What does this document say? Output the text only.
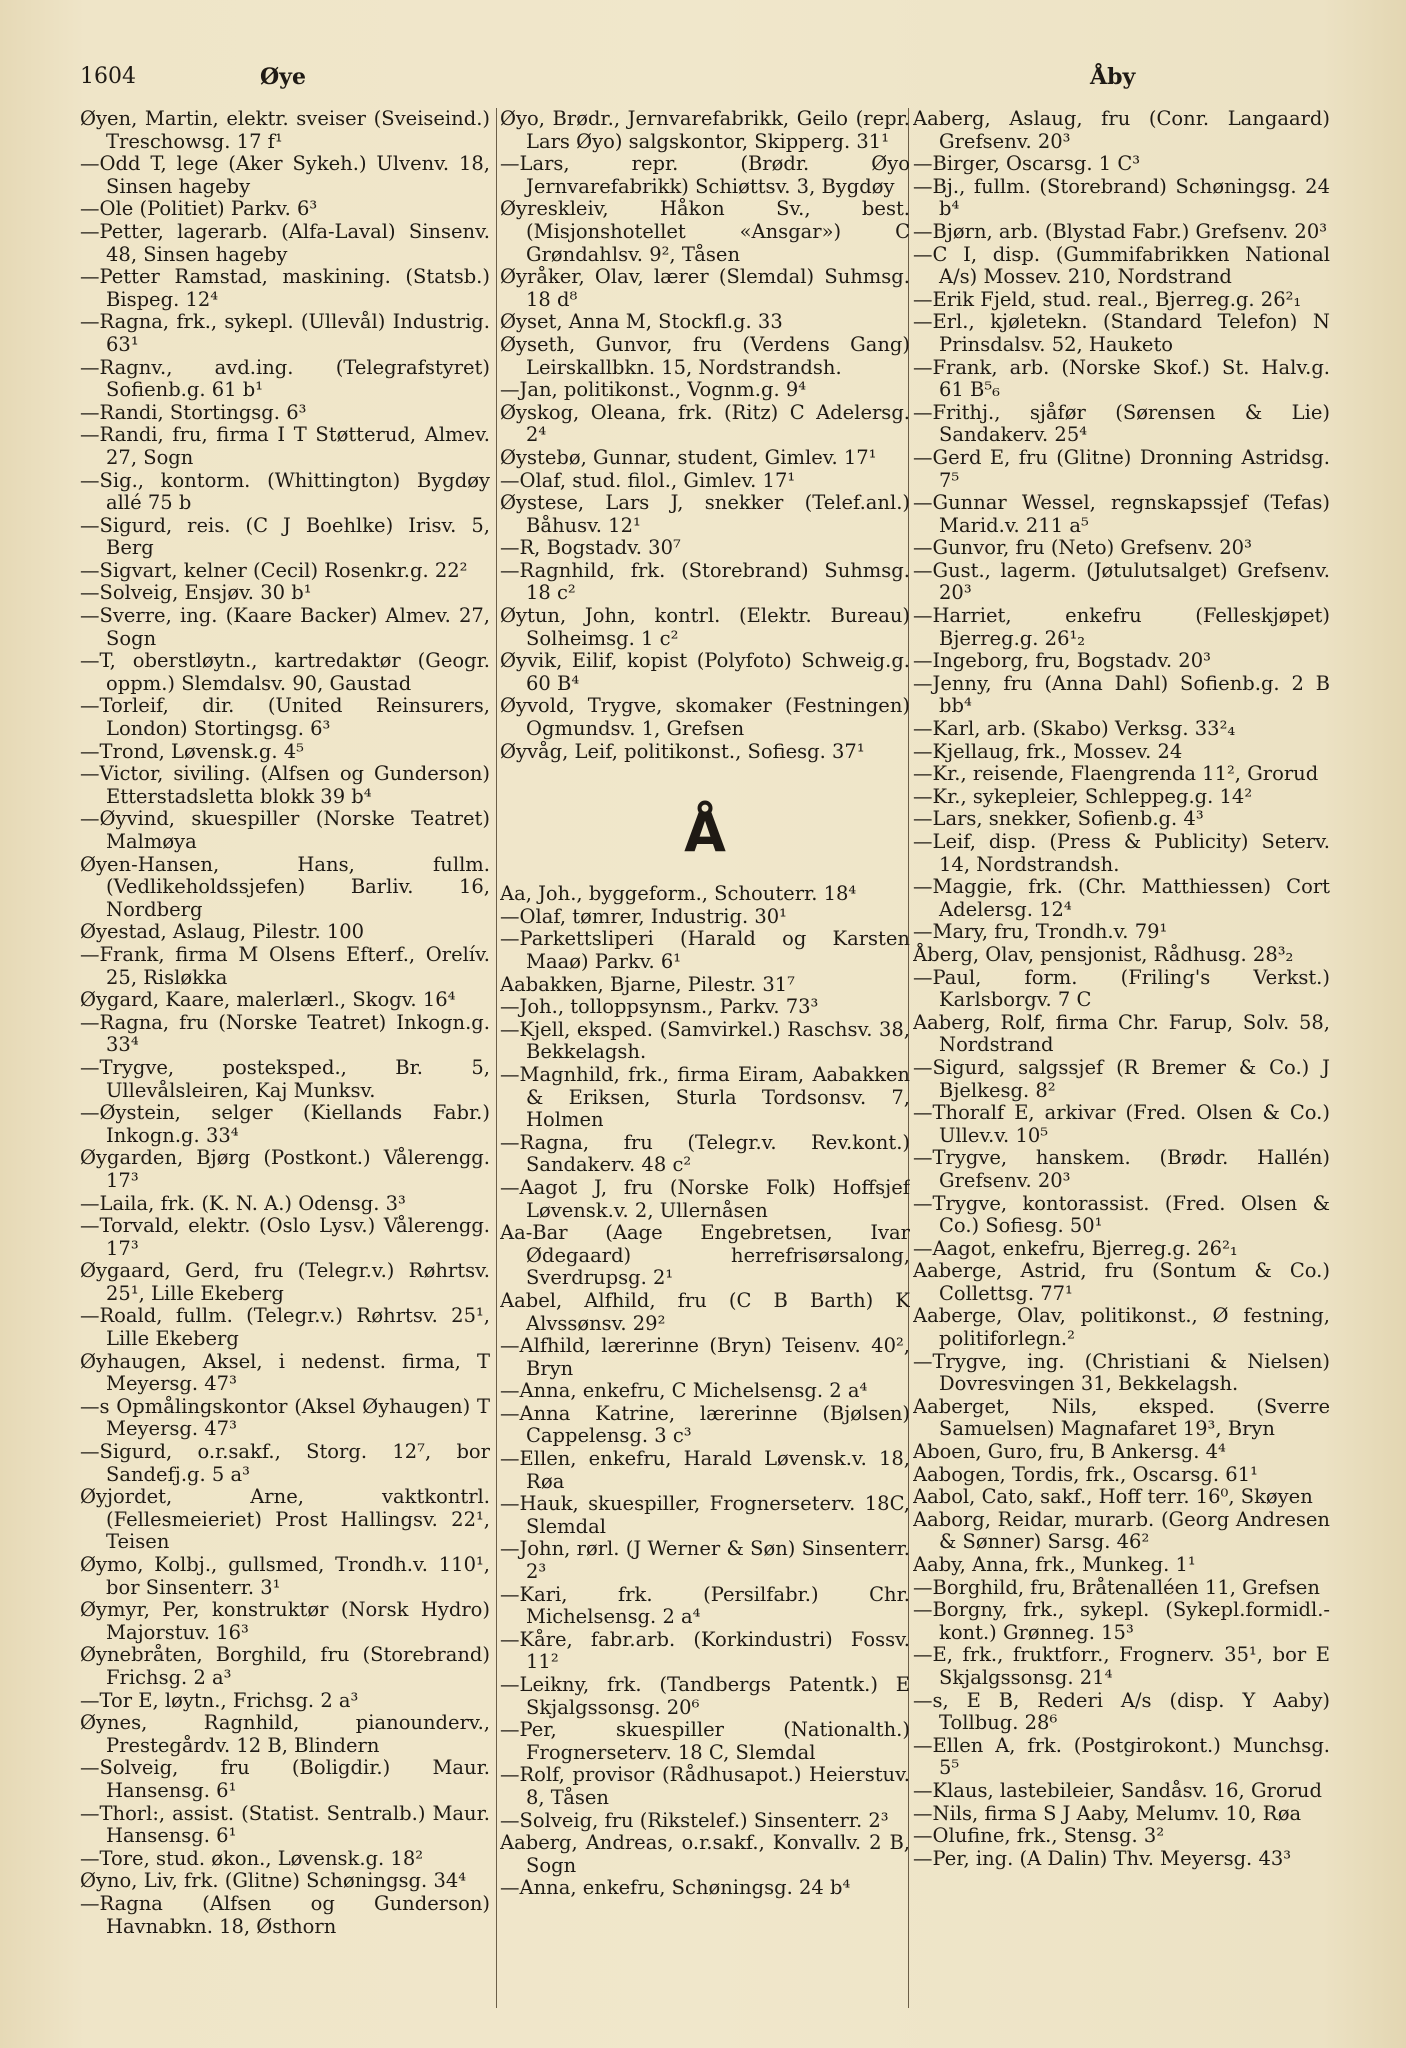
1604	Øye	Åby
Øyen, Martin, elektr. sveiser (Sveiseind.) Treschowsg. 17 f¹
—Odd T, lege (Aker Sykeh.) Ulvenv. 18, Sinsen hageby
—Ole (Politiet) Parkv. 6³
—Petter, lagerarb. (Alfa-Laval) Sinsenv. 48, Sinsen hageby
—Petter Ramstad, maskining. (Statsb.) Bispeg. 12⁴
—Ragna, frk., sykepl. (Ullevål) Industrig. 63¹
—Ragnv., avd.ing. (Telegrafstyret) Sofienb.g. 61 b¹
—Randi, Stortingsg. 6³
—Randi, fru, firma I T Støtterud, Almev. 27, Sogn
—Sig., kontorm. (Whittington) Bygdøy allé 75 b
—Sigurd, reis. (C J Boehlke) Irisv. 5, Berg
—Sigvart, kelner (Cecil) Rosenkr.g. 22²
—Solveig, Ensjøv. 30 b¹
—Sverre, ing. (Kaare Backer) Almev. 27, Sogn
—T, oberstløytn., kartredaktør (Geogr. oppm.) Slemdalsv. 90, Gaustad
—Torleif, dir. (United Reinsurers, London) Stortingsg. 6³
—Trond, Løvensk.g. 4⁵
—Victor, siviling. (Alfsen og Gunderson) Etterstadsletta blokk 39 b⁴
—Øyvind, skuespiller (Norske Teatret) Malmøya
Øyen-Hansen, Hans, fullm. (Vedlikeholdssjefen) Barliv. 16, Nordberg
Øyestad, Aslaug, Pilestr. 100
—Frank, firma M Olsens Efterf., Orelív. 25, Risløkka
Øygard, Kaare, malerlærl., Skogv. 16⁴
—Ragna, fru (Norske Teatret) Inkogn.g. 33⁴
—Trygve, posteksped., Br. 5, Ullevålsleiren, Kaj Munksv.
—Øystein, selger (Kiellands Fabr.) Inkogn.g. 33⁴
Øygarden, Bjørg (Postkont.) Vålerengg. 17³
—Laila, frk. (K. N. A.) Odensg. 3³
—Torvald, elektr. (Oslo Lysv.) Vålerengg. 17³
Øygaard, Gerd, fru (Telegr.v.) Røhrtsv. 25¹, Lille Ekeberg
—Roald, fullm. (Telegr.v.) Røhrtsv. 25¹, Lille Ekeberg
Øyhaugen, Aksel, i nedenst. firma, T Meyersg. 47³
—s Opmålingskontor (Aksel Øyhaugen) T Meyersg. 47³
—Sigurd, o.r.sakf., Storg. 12⁷, bor Sandefj.g. 5 a³
Øyjordet, Arne, vaktkontrl. (Fellesmeieriet) Prost Hallingsv. 22¹, Teisen
Øymo, Kolbj., gullsmed, Trondh.v. 110¹, bor Sinsenterr. 3¹
Øymyr, Per, konstruktør (Norsk Hydro) Majorstuv. 16³
Øynebråten, Borghild, fru (Storebrand) Frichsg. 2 a³
—Tor E, løytn., Frichsg. 2 a³
Øynes, Ragnhild, pianounderv., Prestegårdv. 12 B, Blindern
—Solveig, fru (Boligdir.) Maur. Hansensg. 6¹
—Thorl:, assist. (Statist. Sentralb.) Maur. Hansensg. 6¹
—Tore, stud. økon., Løvensk.g. 18²
Øyno, Liv, frk. (Glitne) Schøningsg. 34⁴
—Ragna (Alfsen og Gunderson) Havnabkn. 18, Østhorn
Øyo, Brødr., Jernvarefabrikk, Geilo (repr. Lars Øyo) salgskontor, Skipperg. 31¹
—Lars, repr. (Brødr. Øyo Jernvarefabrikk) Schiøttsv. 3, Bygdøy
Øyreskleiv, Håkon Sv., best. (Misjonshotellet «Ansgar») C Grøndahlsv. 9², Tåsen
Øyråker, Olav, lærer (Slemdal) Suhmsg. 18 d⁸
Øyset, Anna M, Stockfl.g. 33
Øyseth, Gunvor, fru (Verdens Gang) Leirskallbkn. 15, Nordstrandsh.
—Jan, politikonst., Vognm.g. 9⁴
Øyskog, Oleana, frk. (Ritz) C Adelersg. 2⁴
Øystebø, Gunnar, student, Gimlev. 17¹
—Olaf, stud. filol., Gimlev. 17¹
Øystese, Lars J, snekker (Telef.anl.) Båhusv. 12¹
—R, Bogstadv. 30⁷
—Ragnhild, frk. (Storebrand) Suhmsg. 18 c²
Øytun, John, kontrl. (Elektr. Bureau) Solheimsg. 1 c²
Øyvik, Eilif, kopist (Polyfoto) Schweig.g. 60 B⁴
Øyvold, Trygve, skomaker (Festningen) Ogmundsv. 1, Grefsen
Øyvåg, Leif, politikonst., Sofiesg. 37¹
Å
Aa, Joh., byggeform., Schouterr. 18⁴
—Olaf, tømrer, Industrig. 30¹
—Parkettsliperi (Harald og Karsten Maaø) Parkv. 6¹
Aabakken, Bjarne, Pilestr. 31⁷
—Joh., tolloppsynsm., Parkv. 73³
—Kjell, eksped. (Samvirkel.) Raschsv. 38, Bekkelagsh.
—Magnhild, frk., firma Eiram, Aabakken & Eriksen, Sturla Tordsonsv. 7, Holmen
—Ragna, fru (Telegr.v. Rev.kont.) Sandakerv. 48 c²
—Aagot J, fru (Norske Folk) Hoffsjef Løvensk.v. 2, Ullernåsen
Aa-Bar (Aage Engebretsen, Ivar Ødegaard) herrefrisørsalong, Sverdrupsg. 2¹
Aabel, Alfhild, fru (C B Barth) K Alvssønsv. 29²
—Alfhild, lærerinne (Bryn) Teisenv. 40², Bryn
—Anna, enkefru, C Michelsensg. 2 a⁴
—Anna Katrine, lærerinne (Bjølsen) Cappelensg. 3 c³
—Ellen, enkefru, Harald Løvensk.v. 18, Røa
—Hauk, skuespiller, Frognerseterv. 18C, Slemdal
—John, rørl. (J Werner & Søn) Sinsenterr. 2³
—Kari, frk. (Persilfabr.) Chr. Michelsensg. 2 a⁴
—Kåre, fabr.arb. (Korkindustri) Fossv. 11²
—Leikny, frk. (Tandbergs Patentk.) E Skjalgssonsg. 20⁶
—Per, skuespiller (Nationalth.) Frognerseterv. 18 C, Slemdal
—Rolf, provisor (Rådhusapot.) Heierstuv. 8, Tåsen
—Solveig, fru (Rikstelef.) Sinsenterr. 2³
Aaberg, Andreas, o.r.sakf., Konvallv. 2 B, Sogn
—Anna, enkefru, Schøningsg. 24 b⁴
Aaberg, Aslaug, fru (Conr. Langaard) Grefsenv. 20³
—Birger, Oscarsg. 1 C³
—Bj., fullm. (Storebrand) Schøningsg. 24 b⁴
—Bjørn, arb. (Blystad Fabr.) Grefsenv. 20³
—C I, disp. (Gummifabrikken National A/s) Mossev. 210, Nordstrand
—Erik Fjeld, stud. real., Bjerreg.g. 26²₁
—Erl., kjøletekn. (Standard Telefon) N Prinsdalsv. 52, Hauketo
—Frank, arb. (Norske Skof.) St. Halv.g. 61 B⁵₆
—Frithj., sjåfør (Sørensen & Lie) Sandakerv. 25⁴
—Gerd E, fru (Glitne) Dronning Astridsg. 7⁵
—Gunnar Wessel, regnskapssjef (Tefas) Marid.v. 211 a⁵
—Gunvor, fru (Neto) Grefsenv. 20³
—Gust., lagerm. (Jøtulutsalget) Grefsenv. 20³
—Harriet, enkefru (Felleskjøpet) Bjerreg.g. 26¹₂
—Ingeborg, fru, Bogstadv. 20³
—Jenny, fru (Anna Dahl) Sofienb.g. 2 B bb⁴
—Karl, arb. (Skabo) Verksg. 33²₄
—Kjellaug, frk., Mossev. 24
—Kr., reisende, Flaengrenda 11², Grorud
—Kr., sykepleier, Schleppeg.g. 14²
—Lars, snekker, Sofienb.g. 4³
—Leif, disp. (Press & Publicity) Seterv. 14, Nordstrandsh.
—Maggie, frk. (Chr. Matthiessen) Cort Adelersg. 12⁴
—Mary, fru, Trondh.v. 79¹
Åberg, Olav, pensjonist, Rådhusg. 28³₂
—Paul, form. (Friling's Verkst.) Karlsborgv. 7 C
Aaberg, Rolf, firma Chr. Farup, Solv. 58, Nordstrand
—Sigurd, salgssjef (R Bremer & Co.) J Bjelkesg. 8²
—Thoralf E, arkivar (Fred. Olsen & Co.) Ullev.v. 10⁵
—Trygve, hanskem. (Brødr. Hallén) Grefsenv. 20³
—Trygve, kontorassist. (Fred. Olsen & Co.) Sofiesg. 50¹
—Aagot, enkefru, Bjerreg.g. 26²₁
Aaberge, Astrid, fru (Sontum & Co.) Collettsg. 77¹
Aaberge, Olav, politikonst., Ø festning, politiforlegn.²
—Trygve, ing. (Christiani & Nielsen) Dovresvingen 31, Bekkelagsh.
Aaberget, Nils, eksped. (Sverre Samuelsen) Magnafaret 19³, Bryn
Aboen, Guro, fru, B Ankersg. 4⁴
Aabogen, Tordis, frk., Oscarsg. 61¹
Aabol, Cato, sakf., Hoff terr. 16⁰, Skøyen
Aaborg, Reidar, murarb. (Georg Andresen & Sønner) Sarsg. 46²
Aaby, Anna, frk., Munkeg. 1¹
—Borghild, fru, Bråtenalléen 11, Grefsen
—Borgny, frk., sykepl. (Sykepl.formidl.-kont.) Grønneg. 15³
—E, frk., fruktforr., Frognerv. 35¹, bor E Skjalgssonsg. 21⁴
—s, E B, Rederi A/s (disp. Y Aaby) Tollbug. 28⁶
—Ellen A, frk. (Postgirokont.) Munchsg. 5⁵
—Klaus, lastebileier, Sandåsv. 16, Grorud
—Nils, firma S J Aaby, Melumv. 10, Røa
—Olufine, frk., Stensg. 3²
—Per, ing. (A Dalin) Thv. Meyersg. 43³
